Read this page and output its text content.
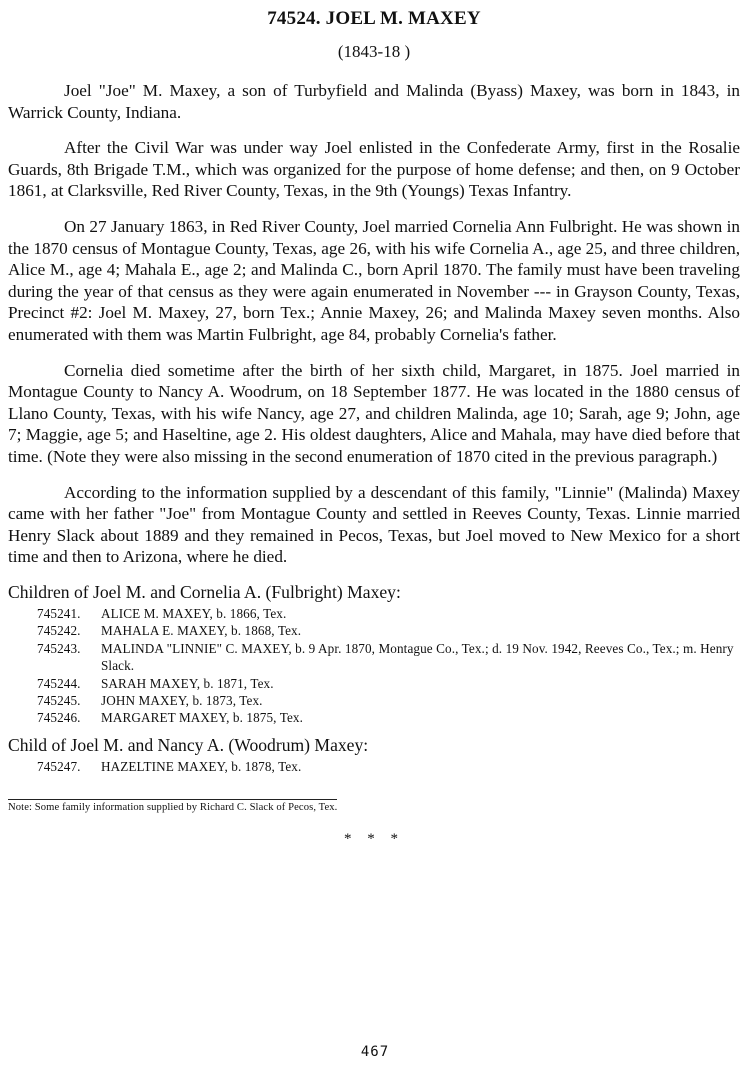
74524. JOEL M. MAXEY
(1843-18 )

Joel "Joe" M. Maxey, a son of Turbyfield and Malinda (Byass) Maxey, was born in 1843, in Warrick County, Indiana.

After the Civil War was under way Joel enlisted in the Confederate Army, first in the Rosalie Guards, 8th Brigade T.M., which was organized for the purpose of home defense; and then, on 9 October 1861, at Clarksville, Red River County, Texas, in the 9th (Youngs) Texas Infantry.

On 27 January 1863, in Red River County, Joel married Cornelia Ann Fulbright. He was shown in the 1870 census of Montague County, Texas, age 26, with his wife Cornelia A., age 25, and three children, Alice M., age 4; Mahala E., age 2; and Malinda C., born April 1870. The family must have been traveling during the year of that census as they were again enumerated in November --- in Grayson County, Texas, Precinct #2: Joel M. Maxey, 27, born Tex.; Annie Maxey, 26; and Malinda Maxey seven months. Also enumerated with them was Martin Fulbright, age 84, probably Cornelia's father.

Cornelia died sometime after the birth of her sixth child, Margaret, in 1875. Joel married in Montague County to Nancy A. Woodrum, on 18 September 1877. He was located in the 1880 census of Llano County, Texas, with his wife Nancy, age 27, and children Malinda, age 10; Sarah, age 9; John, age 7; Maggie, age 5; and Haseltine, age 2. His oldest daughters, Alice and Mahala, may have died before that time. (Note they were also missing in the second enumeration of 1870 cited in the previous paragraph.)

According to the information supplied by a descendant of this family, "Linnie" (Malinda) Maxey came with her father "Joe" from Montague County and settled in Reeves County, Texas. Linnie married Henry Slack about 1889 and they remained in Pecos, Texas, but Joel moved to New Mexico for a short time and then to Arizona, where he died.

Children of Joel M. and Cornelia A. (Fulbright) Maxey:
745241.	ALICE M. MAXEY, b. 1866, Tex.
745242.	MAHALA E. MAXEY, b. 1868, Tex.
745243.	MALINDA "LINNIE" C. MAXEY, b. 9 Apr. 1870, Montague Co., Tex.; d. 19 Nov. 1942, Reeves Co., Tex.; m. Henry Slack.
745244.	SARAH MAXEY, b. 1871, Tex.
745245.	JOHN MAXEY, b. 1873, Tex.
745246.	MARGARET MAXEY, b. 1875, Tex.
Child of Joel M. and Nancy A. (Woodrum) Maxey:
745247.	HAZELTINE MAXEY, b. 1878, Tex.
Note: Some family information supplied by Richard C. Slack of Pecos, Tex.
* * *
467
